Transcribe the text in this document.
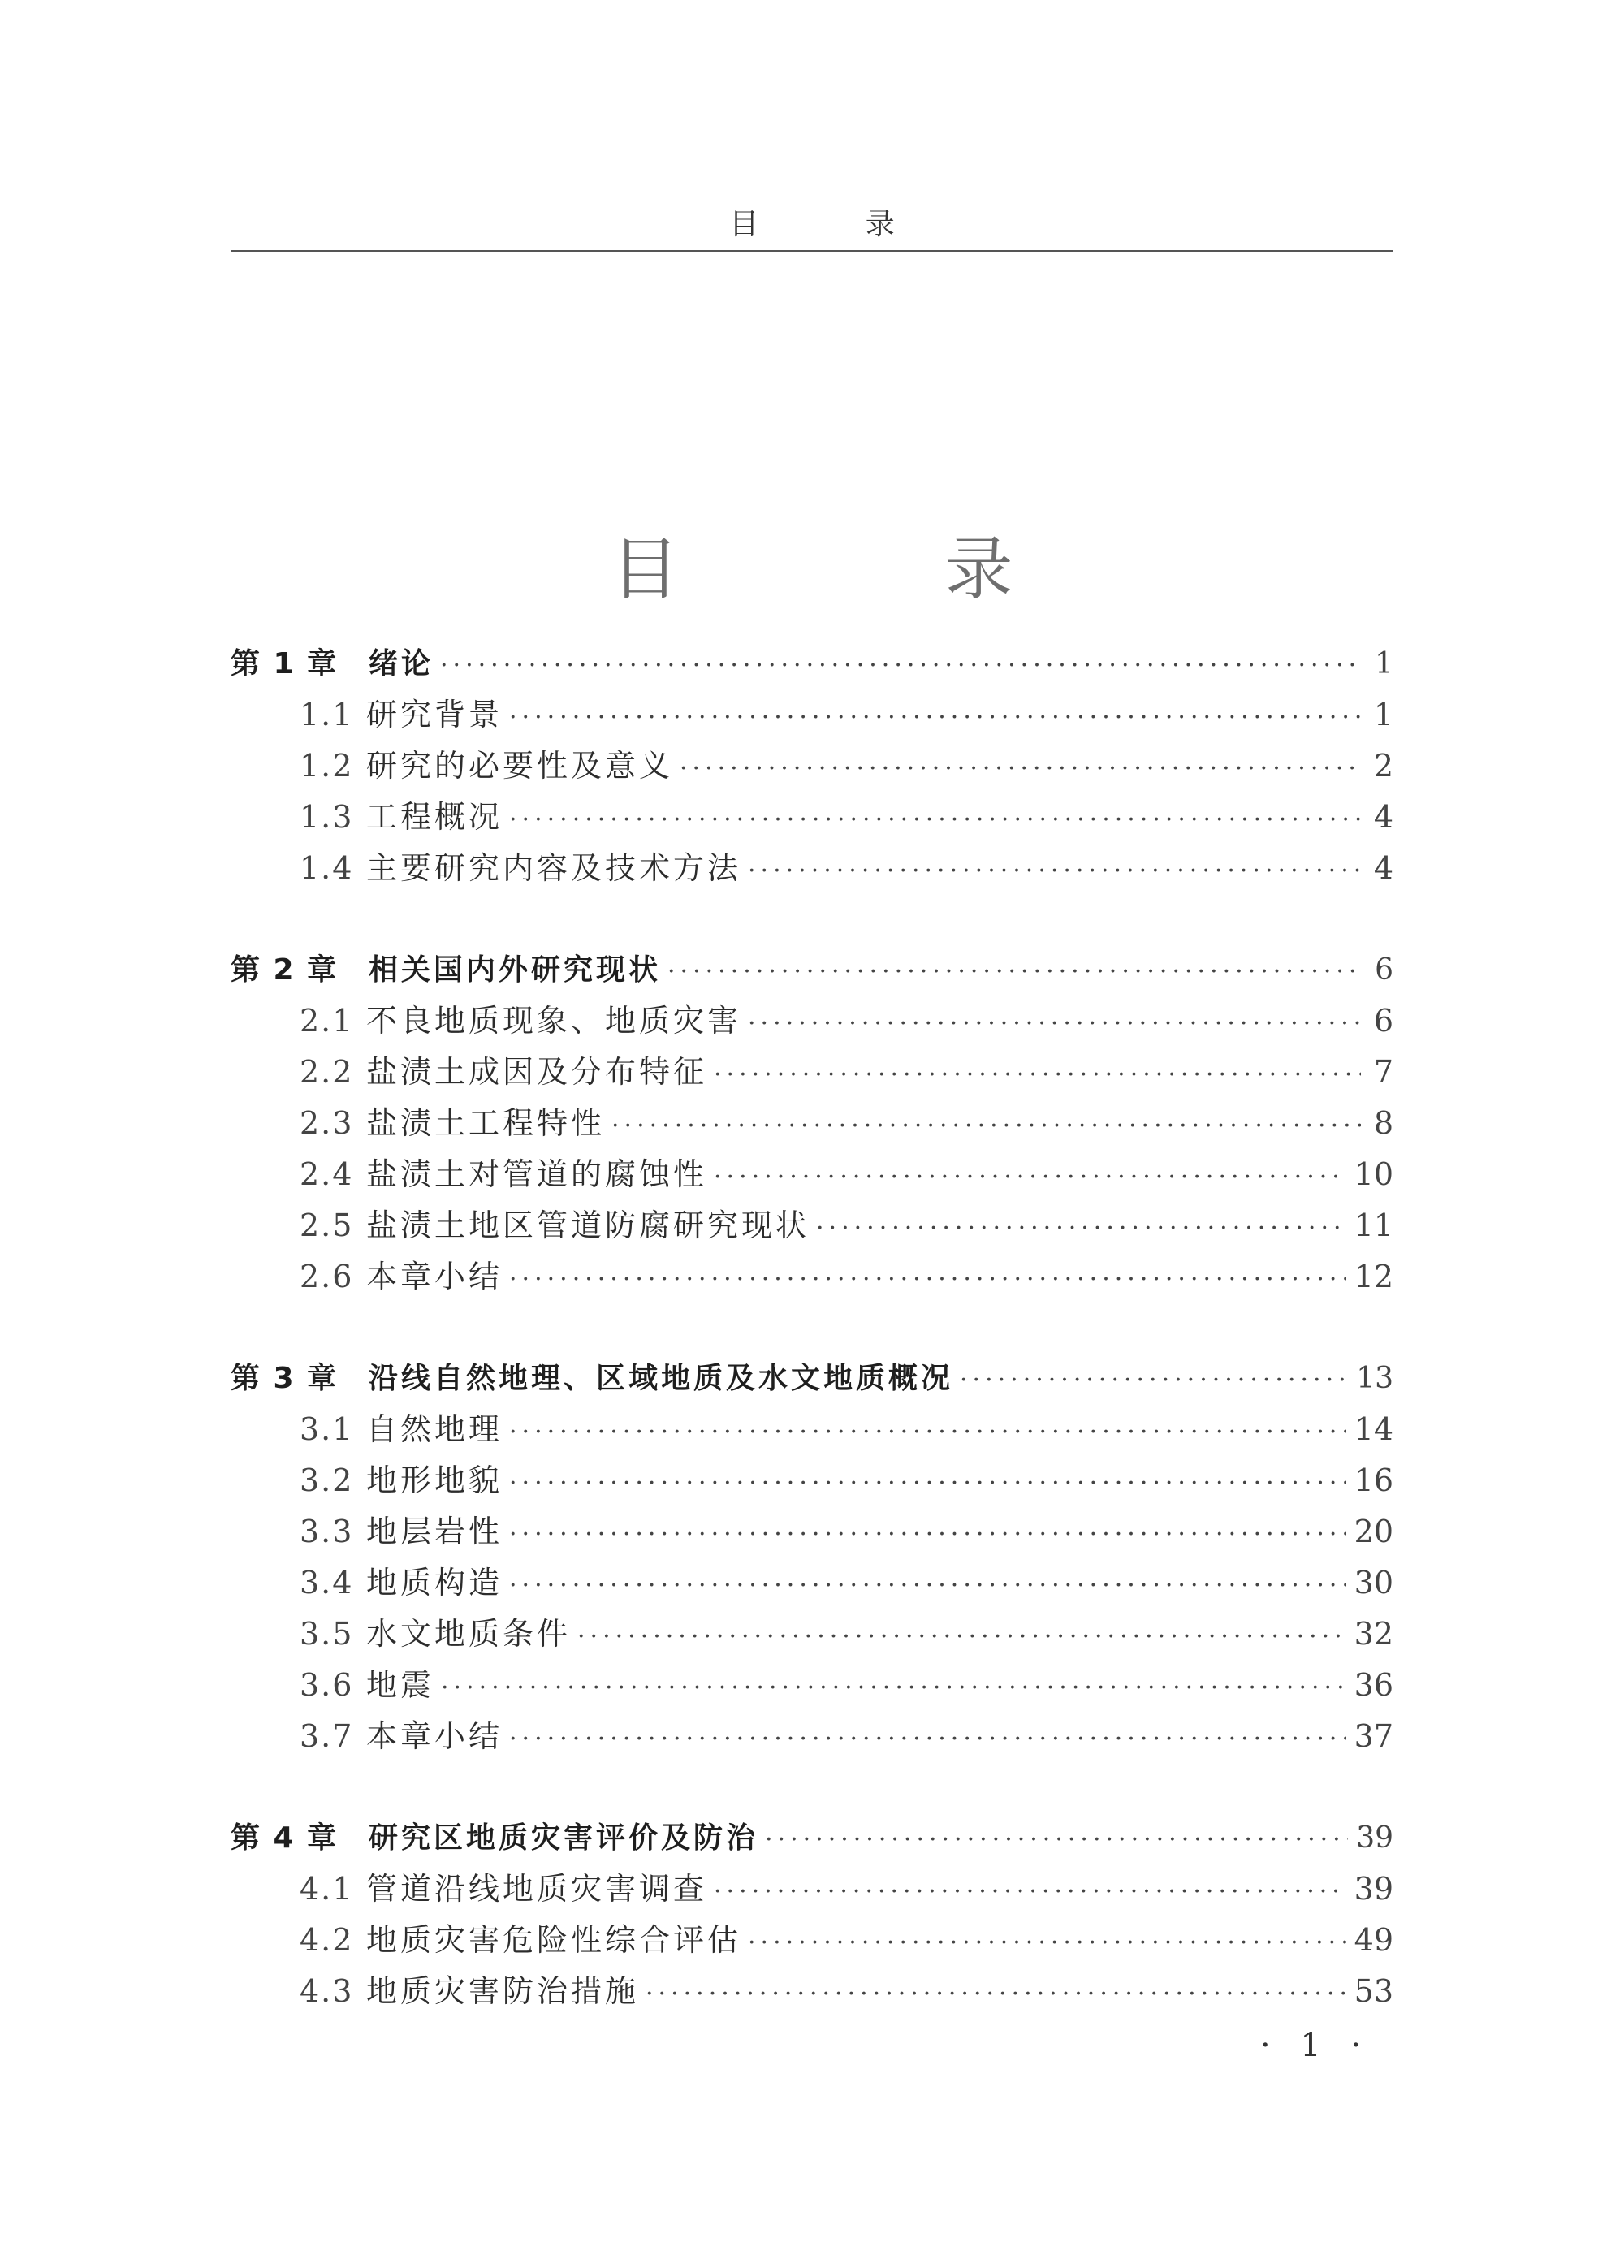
目 录
目 录
第 1 章	绪论 ·····	1
1.1 研究背景 ·····	1
1.2 研究的必要性及意义 ·····	2
1.3 工程概况 ·····	4
1.4 主要研究内容及技术方法 ·····	4
第 2 章	相关国内外研究现状 ·····	6
2.1 不良地质现象、地质灾害 ·····	6
2.2 盐渍土成因及分布特征 ·····	7
2.3 盐渍土工程特性 ·····	8
2.4 盐渍土对管道的腐蚀性 ·····	10
2.5 盐渍土地区管道防腐研究现状 ·····	11
2.6 本章小结 ·····	12
第 3 章	沿线自然地理、区域地质及水文地质概况 ·····	13
3.1 自然地理 ·····	14
3.2 地形地貌 ·····	16
3.3 地层岩性 ·····	20
3.4 地质构造 ·····	30
3.5 水文地质条件 ·····	32
3.6 地震 ·····	36
3.7 本章小结 ·····	37
第 4 章	研究区地质灾害评价及防治 ·····	39
4.1 管道沿线地质灾害调查 ·····	39
4.2 地质灾害危险性综合评估 ·····	49
4.3 地质灾害防治措施 ·····	53
· 1 ·
